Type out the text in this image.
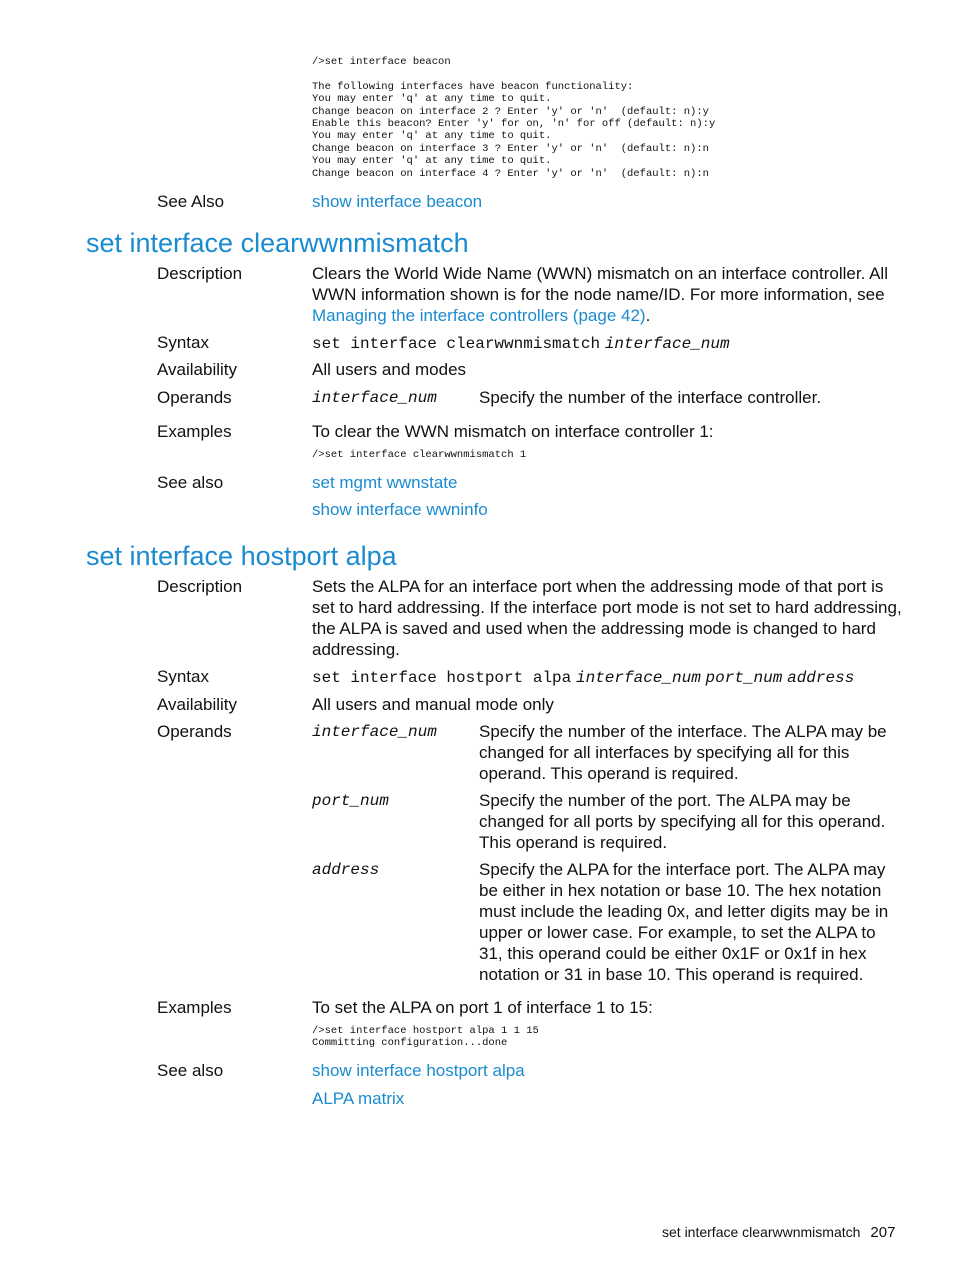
/>set interface beacon

The following interfaces have beacon functionality:
You may enter 'q' at any time to quit.
Change beacon on interface 2 ? Enter 'y' or 'n'  (default: n):y
Enable this beacon? Enter 'y' for on, 'n' for off (default: n):y
You may enter 'q' at any time to quit.
Change beacon on interface 3 ? Enter 'y' or 'n'  (default: n):n
You may enter 'q' at any time to quit.
Change beacon on interface 4 ? Enter 'y' or 'n'  (default: n):n
See Also	show interface beacon
set interface clearwwnmismatch
Description	Clears the World Wide Name (WWN) mismatch on an interface controller. All WWN information shown is for the node name/ID. For more information, see Managing the interface controllers (page 42).
Syntax	set interface clearwwnmismatch interface_num
Availability	All users and modes
Operands	interface_num Specify the number of the interface controller.
Examples	To clear the WWN mismatch on interface controller 1:
/>set interface clearwwnmismatch 1
See also	set mgmt wwnstate
show interface wwninfo
set interface hostport alpa
Description	Sets the ALPA for an interface port when the addressing mode of that port is set to hard addressing. If the interface port mode is not set to hard addressing, the ALPA is saved and used when the addressing mode is changed to hard addressing.
Syntax	set interface hostport alpa interface_num port_num address
Availability	All users and manual mode only
Operands	interface_num Specify the number of the interface. The ALPA may be changed for all interfaces by specifying all for this operand. This operand is required.
port_num	Specify the number of the port. The ALPA may be changed for all ports by specifying all for this operand. This operand is required.
address	Specify the ALPA for the interface port. The ALPA may be either in hex notation or base 10. The hex notation must include the leading 0x, and letter digits may be in upper or lower case. For example, to set the ALPA to 31, this operand could be either 0x1F or 0x1f in hex notation or 31 in base 10. This operand is required.
Examples	To set the ALPA on port 1 of interface 1 to 15:
/>set interface hostport alpa 1 1 15
Committing configuration...done
See also	show interface hostport alpa
ALPA matrix
set interface clearwwnmismatch 207
